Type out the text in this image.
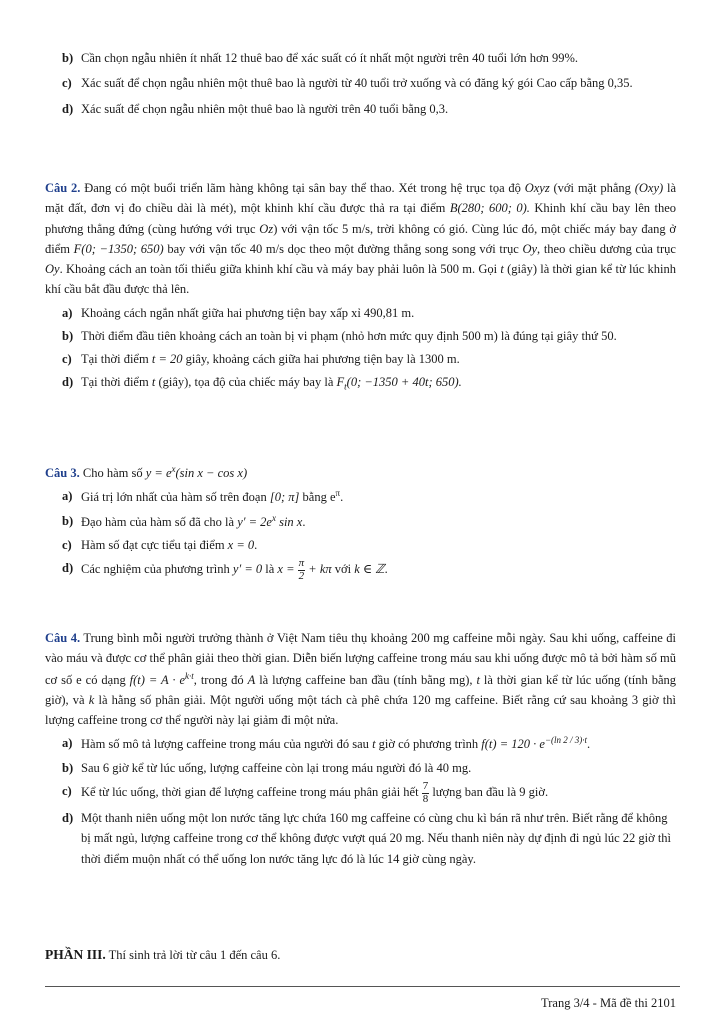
b) Cần chọn ngẫu nhiên ít nhất 12 thuê bao để xác suất có ít nhất một người trên 40 tuổi lớn hơn 99%.
c) Xác suất để chọn ngẫu nhiên một thuê bao là người từ 40 tuổi trở xuống và có đăng ký gói Cao cấp bằng 0,35.
d) Xác suất để chọn ngẫu nhiên một thuê bao là người trên 40 tuổi bằng 0,3.
Câu 2. Đang có một buổi triển lãm hàng không tại sân bay thể thao. Xét trong hệ trục tọa độ Oxyz (với mặt phẳng (Oxy) là mặt đất, đơn vị đo chiều dài là mét), một khinh khí cầu được thả ra tại điểm B(280; 600; 0). Khinh khí cầu bay lên theo phương thẳng đứng (cùng hướng với trục Oz) với vận tốc 5 m/s, trời không có gió. Cùng lúc đó, một chiếc máy bay đang ở điểm F(0; −1350; 650) bay với vận tốc 40 m/s dọc theo một đường thẳng song song với trục Oy, theo chiều dương của trục Oy. Khoảng cách an toàn tối thiểu giữa khinh khí cầu và máy bay phải luôn là 500 m. Gọi t (giây) là thời gian kể từ lúc khinh khí cầu bắt đầu được thả lên.
a) Khoảng cách ngắn nhất giữa hai phương tiện bay xấp xỉ 490,81 m.
b) Thời điểm đầu tiên khoảng cách an toàn bị vi phạm (nhỏ hơn mức quy định 500 m) là đúng tại giây thứ 50.
c) Tại thời điểm t = 20 giây, khoảng cách giữa hai phương tiện bay là 1300 m.
d) Tại thời điểm t (giây), tọa độ của chiếc máy bay là $F_t(0$; −1350 + 40t; 650).
Câu 3. Cho hàm số $y = e^x(\sin$ x − cos x)
a) Giá trị lớn nhất của hàm số trên đoạn [0; π] bằng $e^\pi$.
b) Đạo hàm của hàm số đã cho là $y' = 2e^x$ sin x.
c) Hàm số đạt cực tiểu tại điểm x = 0.
d) Các nghiệm của phương trình y′ = 0 là $x = \frac{\pi}{2} + k\pi$ với k ∈ ℤ.
Câu 4. Trung bình mỗi người trưởng thành ở Việt Nam tiêu thụ khoảng 200 mg caffeine mỗi ngày. Sau khi uống, caffeine đi vào máu và được cơ thể phân giải theo thời gian. Diễn biến lượng caffeine trong máu sau khi uống được mô tả bởi hàm số mũ cơ số e có dạng $f(t) = A \cdot e^{k\cdot t}$, trong đó A là lượng caffeine ban đầu (tính bằng mg), t là thời gian kể từ lúc uống (tính bằng giờ), và k là hằng số phân giải. Một người uống một tách cà phê chứa 120 mg caffeine. Biết rằng cứ sau khoảng 3 giờ thì lượng caffeine trong cơ thể người này lại giảm đi một nửa.
a) Hàm số mô tả lượng caffeine trong máu của người đó sau t giờ có phương trình $f(t) = 120 \cdot e^{-(ln 2 / 3)\cdot t}$.
b) Sau 6 giờ kể từ lúc uống, lượng caffeine còn lại trong máu người đó là 40 mg.
c) Kể từ lúc uống, thời gian để lượng caffeine trong máu phân giải hết $\frac{7}{8}$ lượng ban đầu là 9 giờ.
d) Một thanh niên uống một lon nước tăng lực chứa 160 mg caffeine có cùng chu kì bán rã như trên. Biết rằng để không bị mất ngủ, lượng caffeine trong cơ thể không được vượt quá 20 mg. Nếu thanh niên này dự định đi ngủ lúc 22 giờ thì thời điểm muộn nhất có thể uống lon nước tăng lực đó là lúc 14 giờ cùng ngày.
PHẦN III. Thí sinh trả lời từ câu 1 đến câu 6.
Trang 3/4 - Mã đề thi 2101
